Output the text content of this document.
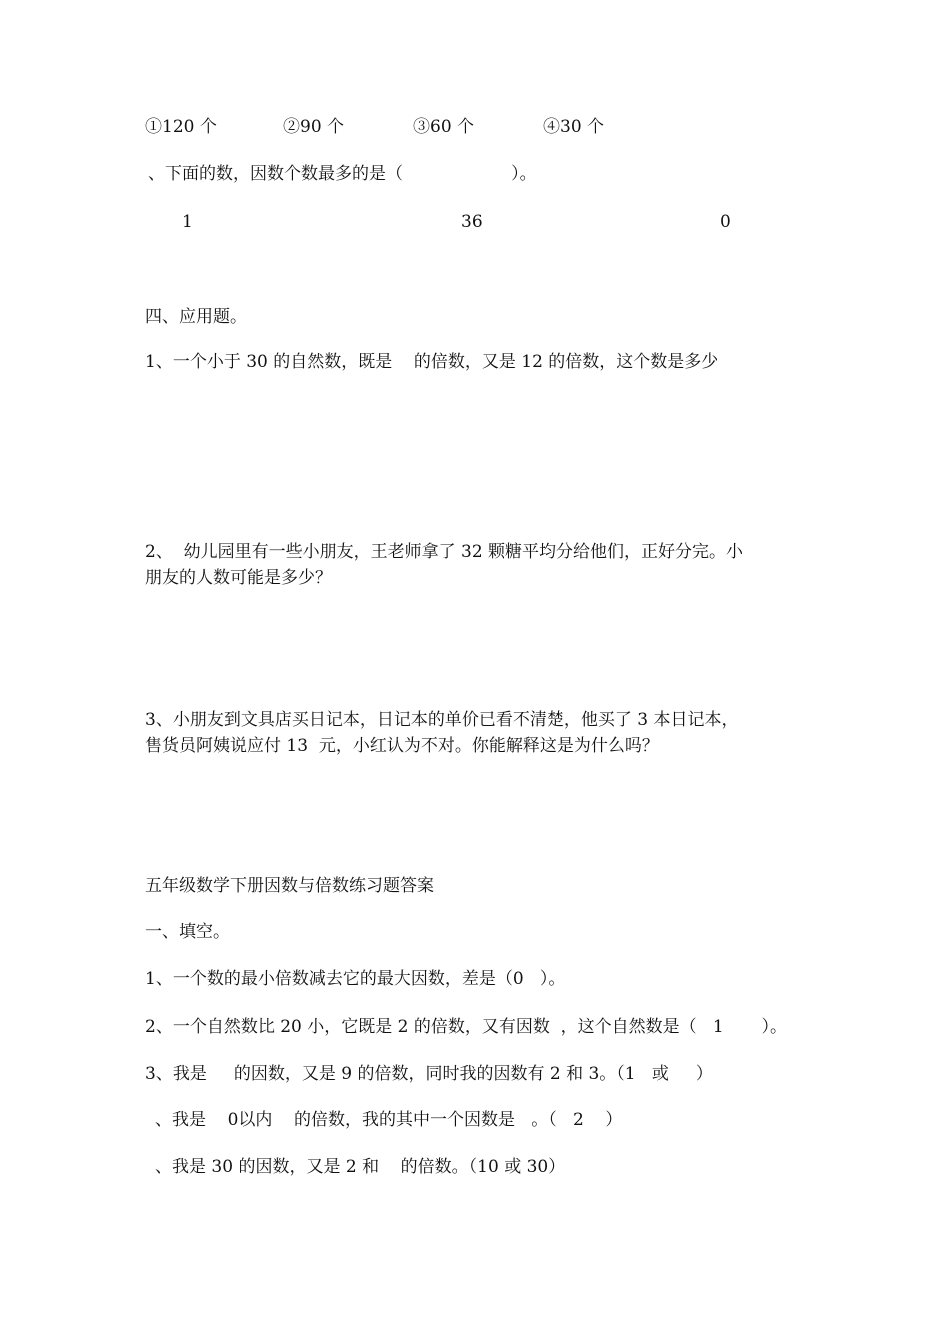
①120 个	②90 个	③60 个	④30 个
、下面的数，因数个数最多的是（                    ）。
1	36	0
四、应用题。
1、一个小于 30 的自然数，既是    的倍数，又是 12 的倍数，这个数是多少
2、  幼儿园里有一些小朋友，王老师拿了 32 颗糖平均分给他们，正好分完。小
朋友的人数可能是多少？
3、小朋友到文具店买日记本，日记本的单价已看不清楚，他买了 3 本日记本，
售货员阿姨说应付 13  元，小红认为不对。你能解释这是为什么吗？
五年级数学下册因数与倍数练习题答案
一、填空。
1、一个数的最小倍数减去它的最大因数，差是（0   ）。
2、一个自然数比 20 小，它既是 2 的倍数，又有因数  ，这个自然数是（   1       ）。
3、我是     的因数，又是 9 的倍数，同时我的因数有 2 和 3。（1   或     ）
、我是    0以内    的倍数，我的其中一个因数是   。（   2    ）
、我是 30 的因数，又是 2 和    的倍数。（10 或 30）
